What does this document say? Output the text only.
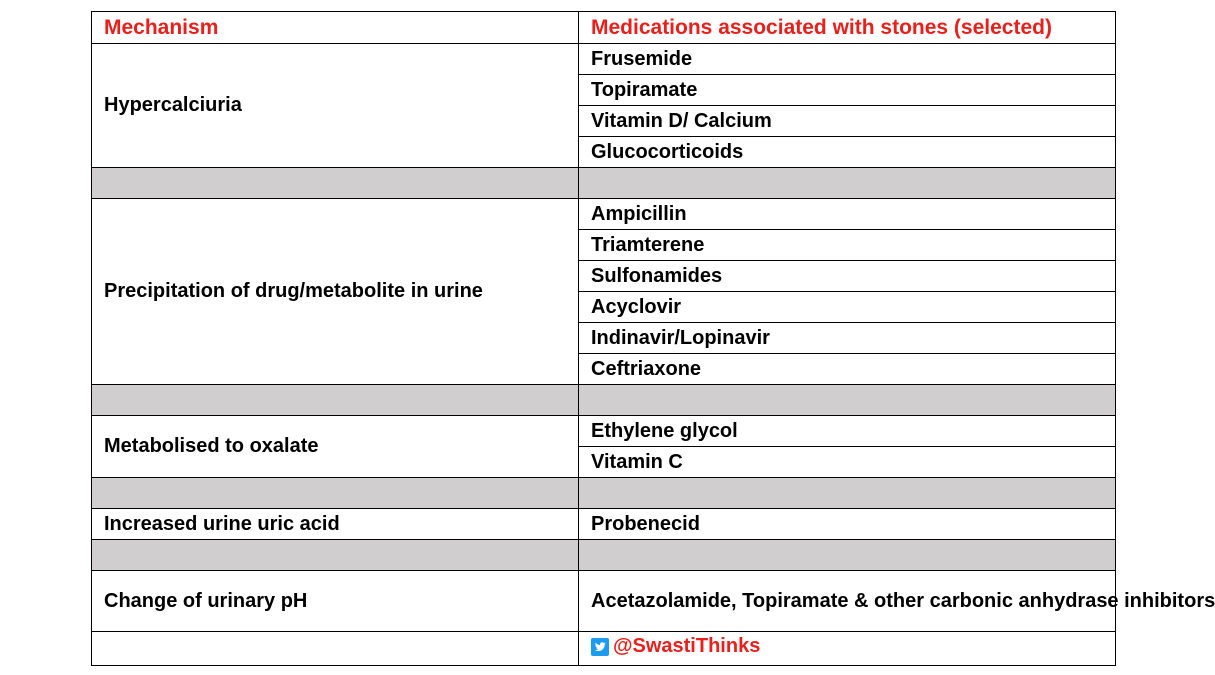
Mechanism	Medications associated with stones (selected)
Hypercalciuria	Frusemide
	Topiramate
	Vitamin D/ Calcium
	Glucocorticoids

Precipitation of drug/metabolite in urine	Ampicillin
	Triamterene
	Sulfonamides
	Acyclovir
	Indinavir/Lopinavir
	Ceftriaxone

Metabolised to oxalate	Ethylene glycol
	Vitamin C

Increased urine uric acid	Probenecid

Change of urinary pH	Acetazolamide, Topiramate & other carbonic anhydrase inhibitors

	@SwastiThinks
